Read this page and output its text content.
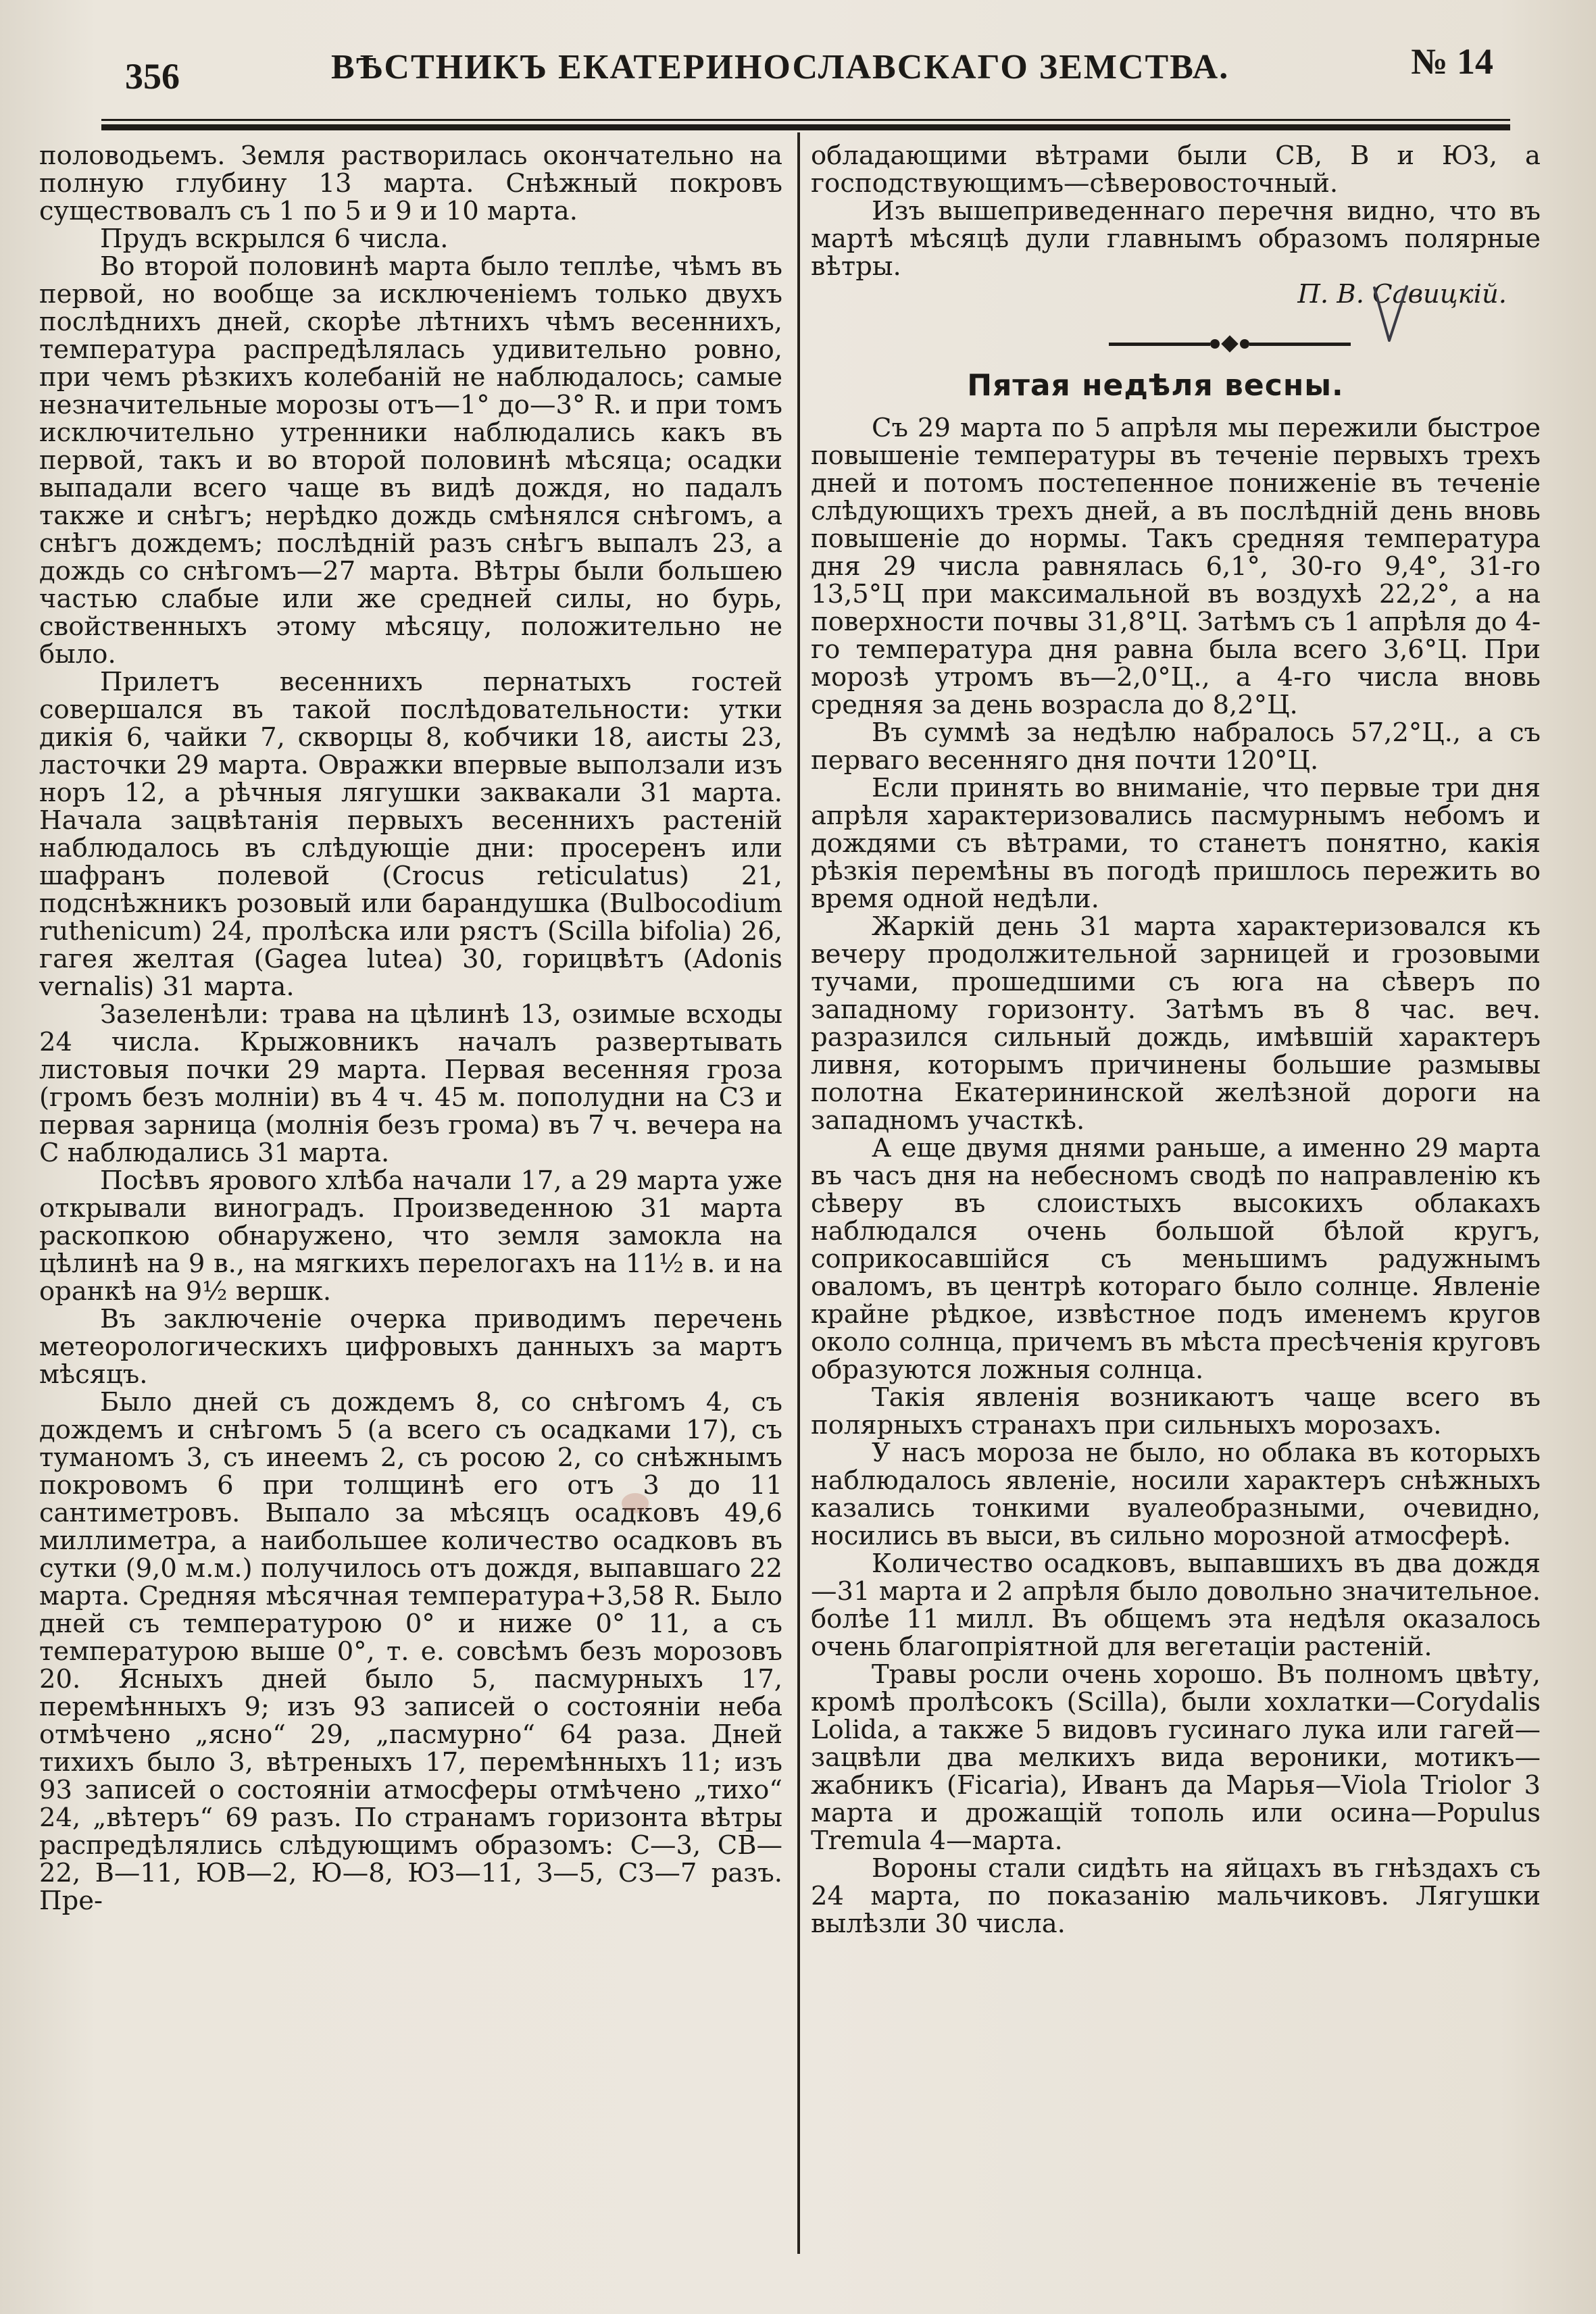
356	ВѢСТНИКЪ ЕКАТЕРИНОСЛАВСКАГО ЗЕМСТВА.	№ 14

половодьемъ. Земля растворилась окончательно на полную глубину 13 марта. Снѣжный покровъ существовалъ съ 1 по 5 и 9 и 10 марта.

Прудъ вскрылся 6 числа.

Во второй половинѣ марта было теплѣе, чѣмъ въ первой, но вообще за исключеніемъ только двухъ послѣднихъ дней, скорѣе лѣтнихъ чѣмъ весеннихъ, температура распредѣлялась удивительно ровно, при чемъ рѣзкихъ колебаній не наблюдалось; самые незначительные морозы отъ—1° до—3° R. и при томъ исключительно утренники наблюдались какъ въ первой, такъ и во второй половинѣ мѣсяца; осадки выпадали всего чаще въ видѣ дождя, но падалъ также и снѣгъ; нерѣдко дождь смѣнялся снѣгомъ, а снѣгъ дождемъ; послѣдній разъ снѣгъ выпалъ 23, а дождь со снѣгомъ—27 марта. Вѣтры были большею частью слабые или же средней силы, но бурь, свойственныхъ этому мѣсяцу, положительно не было.

Прилетъ весеннихъ пернатыхъ гостей совершался въ такой послѣдовательности: утки дикія 6, чайки 7, скворцы 8, кобчики 18, аисты 23, ласточки 29 марта. Овражки впервые выползали изъ норъ 12, а рѣчныя лягушки заквакали 31 марта. Начала зацвѣтанія первыхъ весеннихъ растеній наблюдалось въ слѣдующіе дни: просеренъ или шафранъ полевой (Crocus reticulatus) 21, подснѣжникъ розовый или барандушка (Bulbocodium ruthenicum) 24, пролѣска или рястъ (Scilla bifolia) 26, гагея желтая (Gagea lutea) 30, горицвѣтъ (Adonis vernalis) 31 марта.

Зазеленѣли: трава на цѣлинѣ 13, озимые всходы 24 числа. Крыжовникъ началъ развертывать листовыя почки 29 марта. Первая весенняя гроза (громъ безъ молніи) въ 4 ч. 45 м. пополудни на СЗ и первая зарница (молнія безъ грома) въ 7 ч. вечера на С наблюдались 31 марта.

Посѣвъ ярового хлѣба начали 17, а 29 марта уже открывали виноградъ. Произведенною 31 марта раскопкою обнаружено, что земля замокла на цѣлинѣ на 9 в., на мягкихъ перелогахъ на 11½ в. и на оранкѣ на 9½ вершк.

Въ заключеніе очерка приводимъ перечень метеорологическихъ цифровыхъ данныхъ за мартъ мѣсяцъ.

Было дней съ дождемъ 8, со снѣгомъ 4, съ дождемъ и снѣгомъ 5 (а всего съ осадками 17), съ туманомъ 3, съ инеемъ 2, съ росою 2, со снѣжнымъ покровомъ 6 при толщинѣ его отъ 3 до 11 сантиметровъ. Выпало за мѣсяцъ осадковъ 49,6 миллиметра, а наибольшее количество осадковъ въ сутки (9,0 м.м.) получилось отъ дождя, выпавшаго 22 марта. Средняя мѣсячная температура+3,58 R. Было дней съ температурою 0° и ниже 0° 11, а съ температурою выше 0°, т. е. совсѣмъ безъ морозовъ 20. Ясныхъ дней было 5, пасмурныхъ 17, перемѣнныхъ 9; изъ 93 записей о состояніи неба отмѣчено „ясно“ 29, „пасмурно“ 64 раза. Дней тихихъ было 3, вѣтреныхъ 17, перемѣнныхъ 11; изъ 93 записей о состояніи атмосферы отмѣчено „тихо“ 24, „вѣтеръ“ 69 разъ. По странамъ горизонта вѣтры распредѣлялись слѣдующимъ образомъ: С—3, СВ—22, В—11, ЮВ—2, Ю—8, ЮЗ—11, З—5, СЗ—7 разъ. Пре-

обладающими вѣтрами были СВ, В и ЮЗ, а господствующимъ—сѣверовосточный.

Изъ вышеприведеннаго перечня видно, что въ мартѣ мѣсяцѣ дули главнымъ образомъ полярные вѣтры.

П. В. Савицкій.

Пятая недѣля весны.

Съ 29 марта по 5 апрѣля мы пережили быстрое повышеніе температуры въ теченіе первыхъ трехъ дней и потомъ постепенное пониженіе въ теченіе слѣдующихъ трехъ дней, а въ послѣдній день вновь повышеніе до нормы. Такъ средняя температура дня 29 числа равнялась 6,1°, 30-го 9,4°, 31-го 13,5°Ц при максимальной въ воздухѣ 22,2°, а на поверхности почвы 31,8°Ц. Затѣмъ съ 1 апрѣля до 4-го температура дня равна была всего 3,6°Ц. При морозѣ утромъ въ—2,0°Ц., а 4-го числа вновь средняя за день возрасла до 8,2°Ц.

Въ суммѣ за недѣлю набралось 57,2°Ц., а съ перваго весенняго дня почти 120°Ц.

Если принять во вниманіе, что первые три дня апрѣля характеризовались пасмурнымъ небомъ и дождями съ вѣтрами, то станетъ понятно, какія рѣзкія перемѣны въ погодѣ пришлось пережить во время одной недѣли.

Жаркій день 31 марта характеризовался къ вечеру продолжительной зарницей и грозовыми тучами, прошедшими съ юга на сѣверъ по западному горизонту. Затѣмъ въ 8 час. веч. разразился сильный дождь, имѣвшій характеръ ливня, которымъ причинены большие размывы полотна Екатерининской желѣзной дороги на западномъ участкѣ.

А еще двумя днями раньше, а именно 29 марта въ часъ дня на небесномъ сводѣ по направленію къ сѣверу въ слоистыхъ высокихъ облакахъ наблюдался очень большой бѣлой кругъ, соприкосавшійся съ меньшимъ радужнымъ оваломъ, въ центрѣ котораго было солнце. Явленіе крайне рѣдкое, извѣстное подъ именемъ кругов около солнца, причемъ въ мѣста пресѣченія круговъ образуются ложныя солнца.

Такія явленія возникаютъ чаще всего въ полярныхъ странахъ при сильныхъ морозахъ.

У насъ мороза не было, но облака въ которыхъ наблюдалось явленіе, носили характеръ снѣжныхъ казались тонкими вуалеобразными, очевидно, носились въ выси, въ сильно морозной атмосферѣ.

Количество осадковъ, выпавшихъ въ два дождя—31 марта и 2 апрѣля было довольно значительное. болѣе 11 милл. Въ общемъ эта недѣля оказалось очень благопріятной для вегетаціи растеній.

Травы росли очень хорошо. Въ полномъ цвѣту, кромѣ пролѣсокъ (Scilla), были хохлатки—Corydalis Lolida, а также 5 видовъ гусинаго лука или гагей—зацвѣли два мелкихъ вида вероники, мотикъ—жабникъ (Ficaria), Иванъ да Марья—Viola Triolor 3 марта и дрожащій тополь или осина—Populus Tremula 4—марта.

Вороны стали сидѣть на яйцахъ въ гнѣздахъ съ 24 марта, по показанію мальчиковъ. Лягушки вылѣзли 30 числа.
